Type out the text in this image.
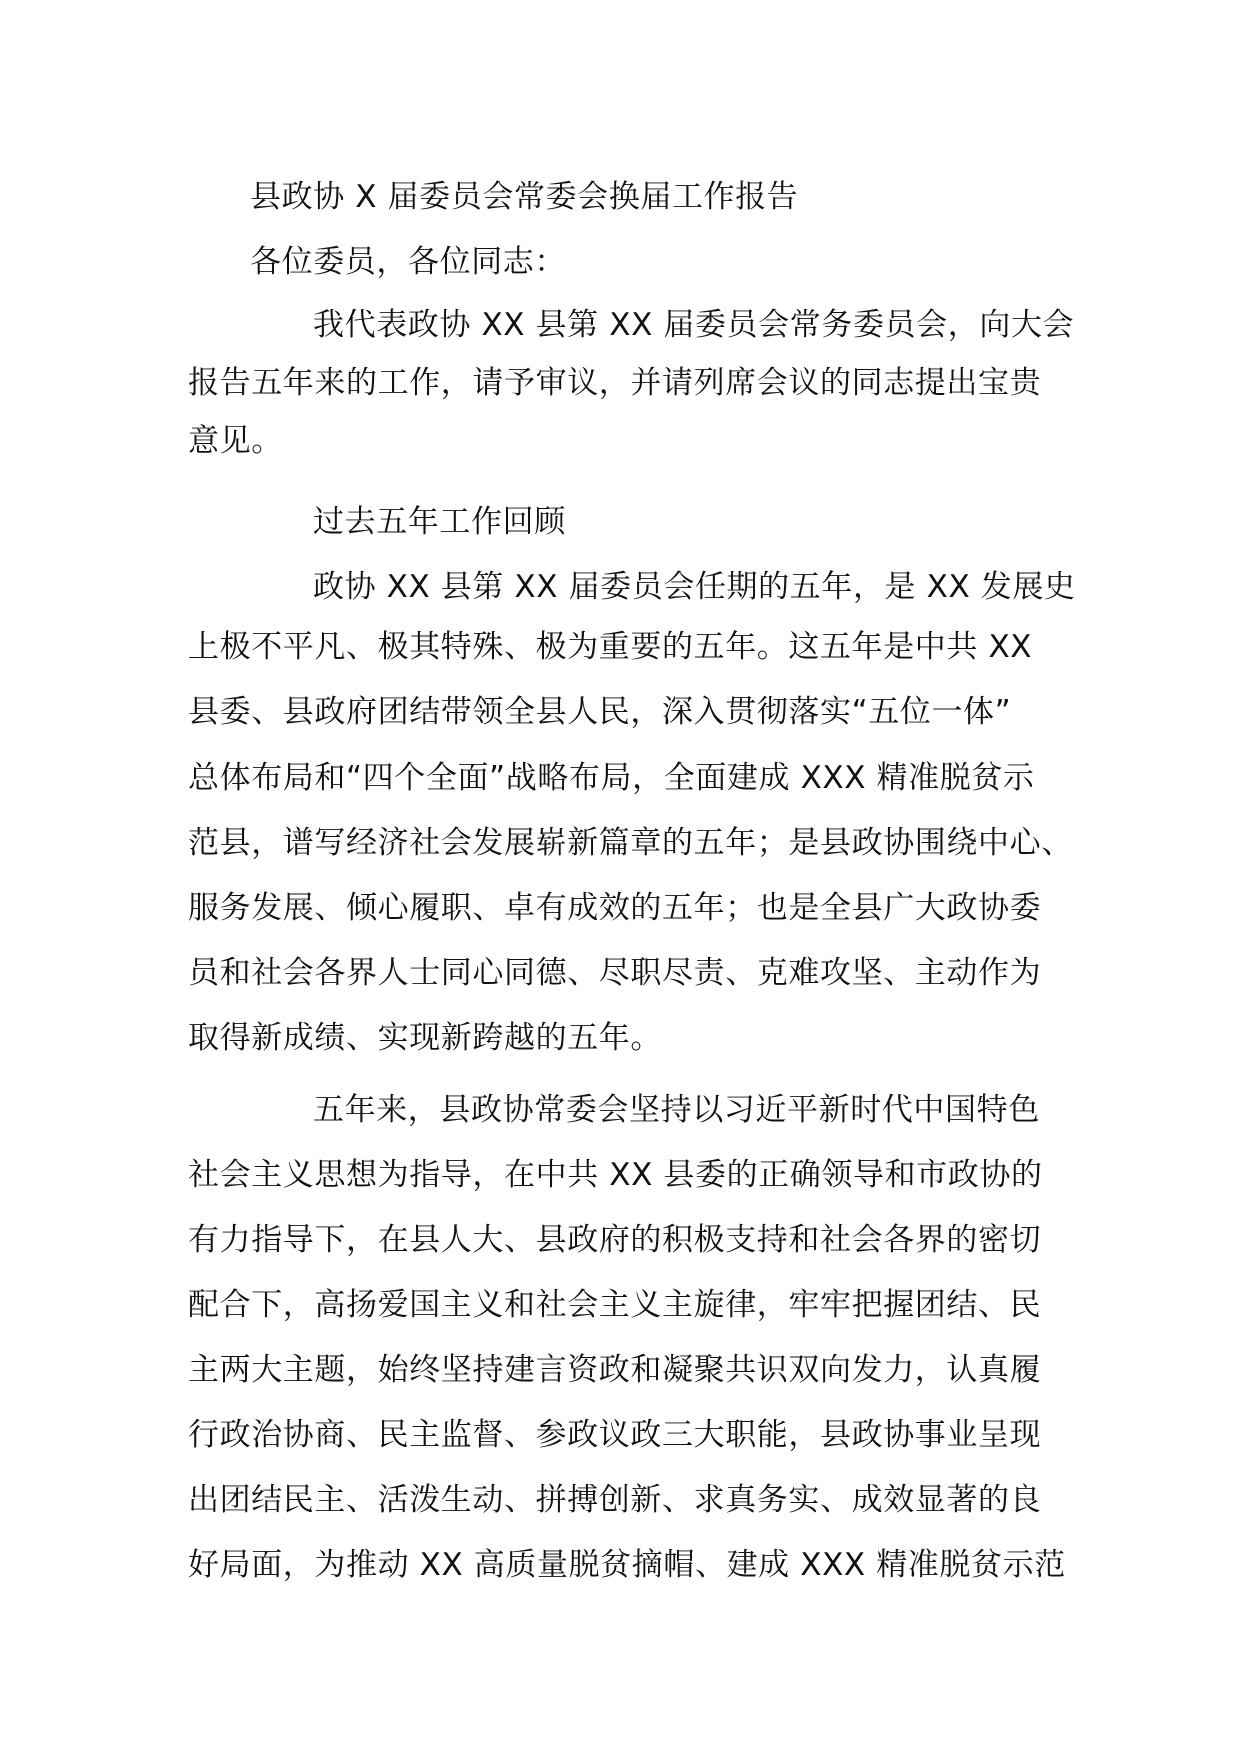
县政协 X 届委员会常委会换届工作报告
各位委员，各位同志：
我代表政协 XX 县第 XX 届委员会常务委员会，向大会
报告五年来的工作，请予审议，并请列席会议的同志提出宝贵
意见。
过去五年工作回顾
政协 XX 县第 XX 届委员会任期的五年，是 XX 发展史
上极不平凡、极其特殊、极为重要的五年。这五年是中共 XX
县委、县政府团结带领全县人民，深入贯彻落实“五位一体”
总体布局和“四个全面”战略布局，全面建成 XXX 精准脱贫示
范县，谱写经济社会发展崭新篇章的五年；是县政协围绕中心、
服务发展、倾心履职、卓有成效的五年；也是全县广大政协委
员和社会各界人士同心同德、尽职尽责、克难攻坚、主动作为
取得新成绩、实现新跨越的五年。
五年来，县政协常委会坚持以习近平新时代中国特色
社会主义思想为指导，在中共 XX 县委的正确领导和市政协的
有力指导下，在县人大、县政府的积极支持和社会各界的密切
配合下，高扬爱国主义和社会主义主旋律，牢牢把握团结、民
主两大主题，始终坚持建言资政和凝聚共识双向发力，认真履
行政治协商、民主监督、参政议政三大职能，县政协事业呈现
出团结民主、活泼生动、拼搏创新、求真务实、成效显著的良
好局面，为推动 XX 高质量脱贫摘帽、建成 XXX 精准脱贫示范
